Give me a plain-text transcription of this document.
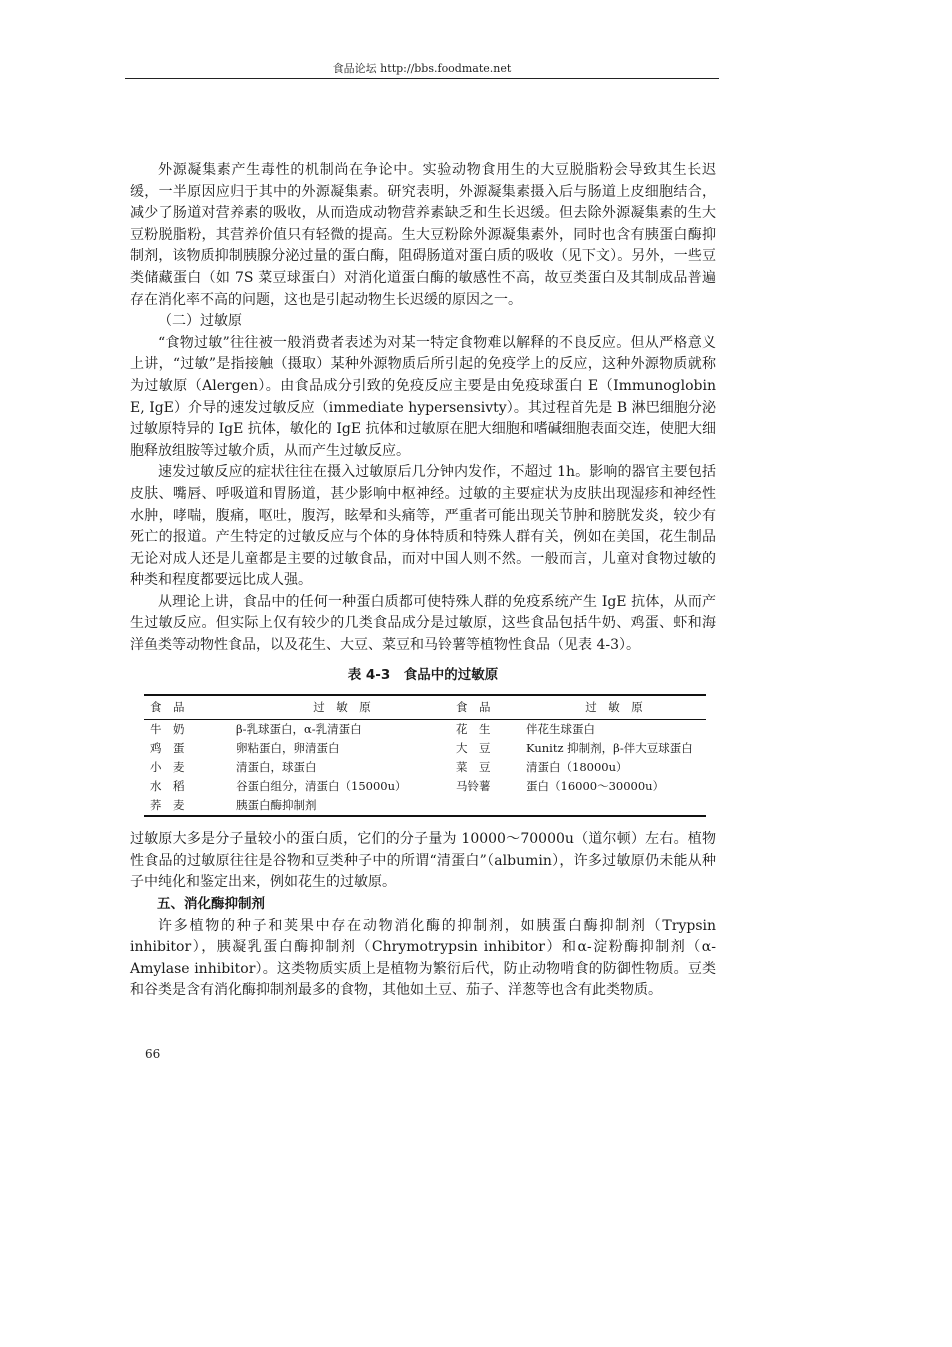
食品论坛 http://bbs.foodmate.net

外源凝集素产生毒性的机制尚在争论中。实验动物食用生的大豆脱脂粉会导致其生长迟缓，一半原因应归于其中的外源凝集素。研究表明，外源凝集素摄入后与肠道上皮细胞结合，减少了肠道对营养素的吸收，从而造成动物营养素缺乏和生长迟缓。但去除外源凝集素的生大豆粉脱脂粉，其营养价值只有轻微的提高。生大豆粉除外源凝集素外，同时也含有胰蛋白酶抑制剂，该物质抑制胰腺分泌过量的蛋白酶，阻碍肠道对蛋白质的吸收（见下文）。另外，一些豆类储藏蛋白（如 7S 菜豆球蛋白）对消化道蛋白酶的敏感性不高，故豆类蛋白及其制成品普遍存在消化率不高的问题，这也是引起动物生长迟缓的原因之一。

（二）过敏原

“食物过敏”往往被一般消费者表述为对某一特定食物难以解释的不良反应。但从严格意义上讲，“过敏”是指接触（摄取）某种外源物质后所引起的免疫学上的反应，这种外源物质就称为过敏原（Alergen）。由食品成分引致的免疫反应主要是由免疫球蛋白 E（Immunoglobin E, IgE）介导的速发过敏反应（immediate hypersensivty）。其过程首先是 B 淋巴细胞分泌过敏原特异的 IgE 抗体，敏化的 IgE 抗体和过敏原在肥大细胞和嗜碱细胞表面交连，使肥大细胞释放组胺等过敏介质，从而产生过敏反应。

速发过敏反应的症状往往在摄入过敏原后几分钟内发作，不超过 1h。影响的器官主要包括皮肤、嘴唇、呼吸道和胃肠道，甚少影响中枢神经。过敏的主要症状为皮肤出现湿疹和神经性水肿，哮喘，腹痛，呕吐，腹泻，眩晕和头痛等，严重者可能出现关节肿和膀胱发炎，较少有死亡的报道。产生特定的过敏反应与个体的身体特质和特殊人群有关，例如在美国，花生制品无论对成人还是儿童都是主要的过敏食品，而对中国人则不然。一般而言，儿童对食物过敏的种类和程度都要远比成人强。

从理论上讲，食品中的任何一种蛋白质都可使特殊人群的免疫系统产生 IgE 抗体，从而产生过敏反应。但实际上仅有较少的几类食品成分是过敏原，这些食品包括牛奶、鸡蛋、虾和海洋鱼类等动物性食品，以及花生、大豆、菜豆和马铃薯等植物性食品（见表 4-3）。

表 4-3　食品中的过敏原
食　品	过　敏　原	食　品	过　敏　原
牛　奶	β-乳球蛋白，α-乳清蛋白	花　生	伴花生球蛋白
鸡　蛋	卵粘蛋白，卵清蛋白	大　豆	Kunitz 抑制剂，β-伴大豆球蛋白
小　麦	清蛋白，球蛋白	菜　豆	清蛋白（18000u）
水　稻	谷蛋白组分，清蛋白（15000u）	马铃薯	蛋白（16000～30000u）
荞　麦	胰蛋白酶抑制剂		

过敏原大多是分子量较小的蛋白质，它们的分子量为 10000～70000u（道尔顿）左右。植物性食品的过敏原往往是谷物和豆类种子中的所谓“清蛋白”（albumin），许多过敏原仍未能从种子中纯化和鉴定出来，例如花生的过敏原。

五、消化酶抑制剂

许多植物的种子和荚果中存在动物消化酶的抑制剂，如胰蛋白酶抑制剂（Trypsin inhibitor），胰凝乳蛋白酶抑制剂（Chrymotrypsin inhibitor）和α-淀粉酶抑制剂（α-Amylase inhibitor）。这类物质实质上是植物为繁衍后代，防止动物啃食的防御性物质。豆类和谷类是含有消化酶抑制剂最多的食物，其他如土豆、茄子、洋葱等也含有此类物质。

66
